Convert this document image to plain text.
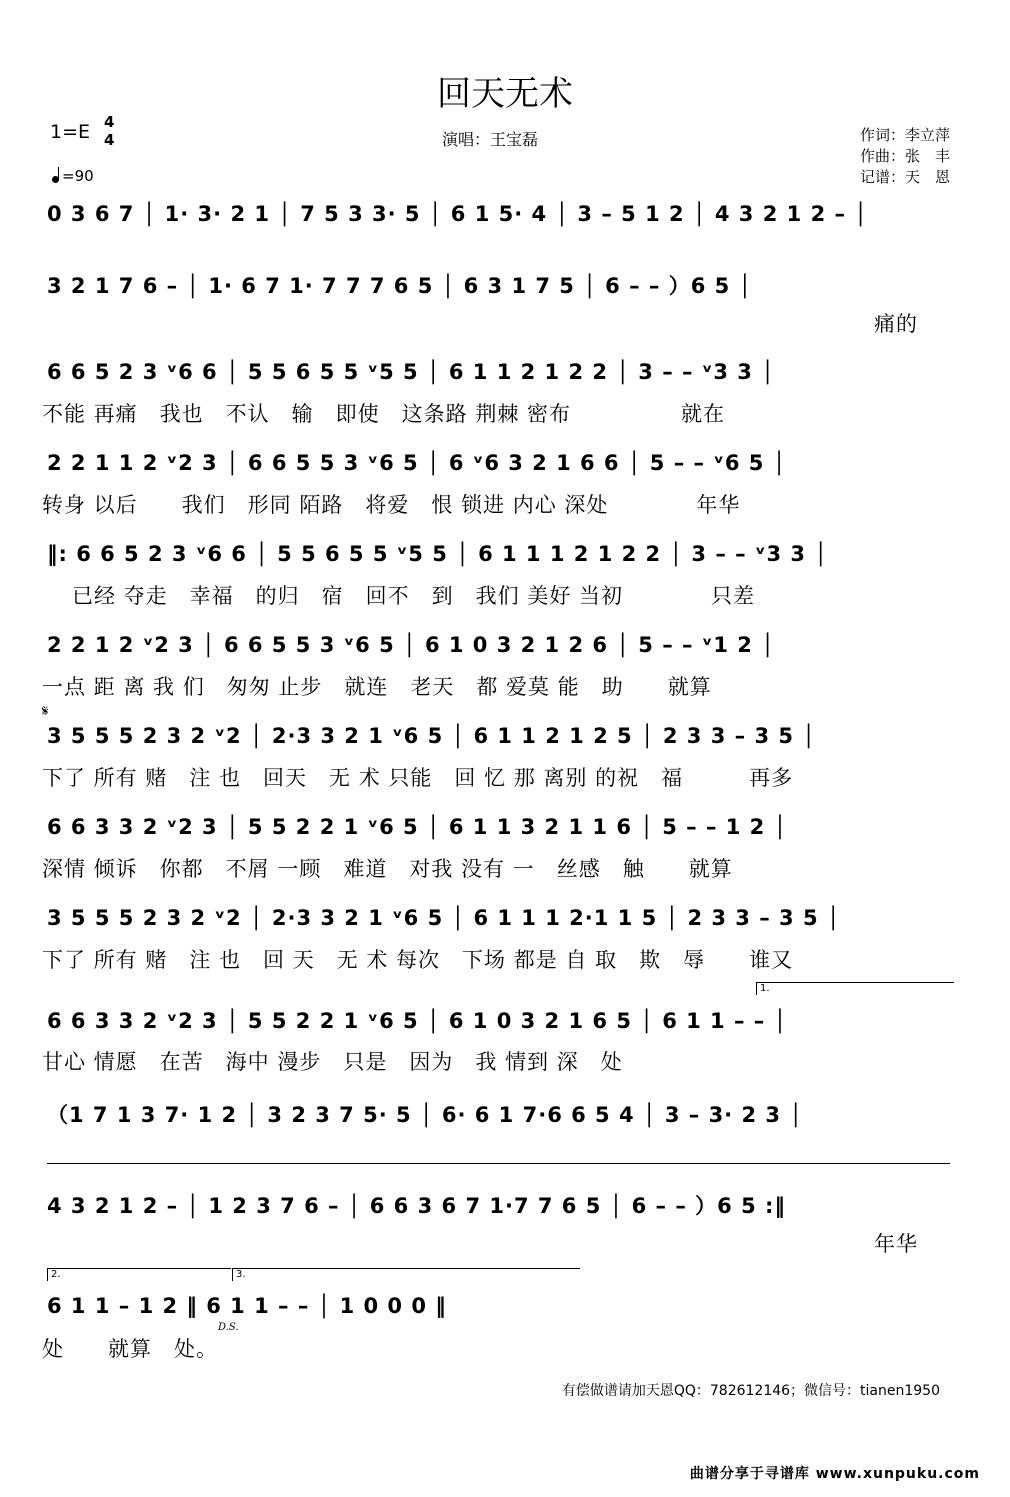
回天无术
1=E 4
4
=90
演唱：王宝磊	作词：李立萍
作曲：张　丰
记谱：天　恩
0 3 6 7 │ 1· 3· 2 1 │ 7 5 3 3· 5 │ 6 1 5· 4 │ 3 – 5 1 2 │ 4 3 2 1 2 – │
3 2 1 7 6 – │ 1· 6 7 1· 7 7 7 6 5 │ 6 3 1 7 5 │ 6 – – ）6 5 │
6 6 5 2 3 ᵛ6 6 │ 5 5 6 5 5 ᵛ5 5 │ 6 1 1 2 1 2 2 │ 3 – – ᵛ3 3 │
2 2 1 1 2 ᵛ2 3 │ 6 6 5 5 3 ᵛ6 5 │ 6 ᵛ6 3 2 1 6 6 │ 5 – – ᵛ6 5 │
‖: 6 6 5 2 3 ᵛ6 6 │ 5 5 6 5 5 ᵛ5 5 │ 6 1 1 1 2 1 2 2 │ 3 – – ᵛ3 3 │
2 2 1 2 ᵛ2 3 │ 6 6 5 5 3 ᵛ6 5 │ 6 1 0 3 2 1 2 6 │ 5 – – ᵛ1 2 │
3 5 5 5 2 3 2 ᵛ2 │ 2·3 3 2 1 ᵛ6 5 │ 6 1 1 2 1 2 5 │ 2 3 3 – 3 5 │
6 6 3 3 2 ᵛ2 3 │ 5 5 2 2 1 ᵛ6 5 │ 6 1 1 3 2 1 1 6 │ 5 – – 1 2 │
3 5 5 5 2 3 2 ᵛ2 │ 2·3 3 2 1 ᵛ6 5 │ 6 1 1 1 2·1 1 5 │ 2 3 3 – 3 5 │
6 6 3 3 2 ᵛ2 3 │ 5 5 2 2 1 ᵛ6 5 │ 6 1 0 3 2 1 6 5 │ 6 1 1 – – │
（1 7 1 3 7· 1 2 │ 3 2 3 7 5· 5 │ 6· 6 1 7·6 6 5 4 │ 3 – 3· 2 3 │
4 3 2 1 2 – │ 1 2 3 7 6 – │ 6 6 3 6 7 1·7 7 6 5 │ 6 – – ）6 5 :‖
6 1 1 – 1 2 ‖ 6 1 1 – – │ 1 0 0 0 ‖
痛的
不能 再痛　我也　不认　输　即使　这条路 荆棘 密布　　　　　就在
转身 以后　　我们　形同 陌路　将爱　恨 锁进 内心 深处　　　　年华
已经 夺走　幸福　的归　宿　回不　到　我们 美好 当初　　　　只差
一点 距 离 我 们　匆匆 止步　就连　老天　都 爱莫 能　助　　就算
下了 所有 赌　注 也　回天　无 术 只能　回 忆 那 离别 的祝　福　　　再多
深情 倾诉　你都　不屑 一顾　难道　对我 没有 一　丝感　触　　就算
下了 所有 赌　注 也　回 天　无 术 每次　下场 都是 自 取　欺　辱　　谁又
甘心 情愿　在苦　海中 漫步　只是　因为　我 情到 深　处
年华
处　　就算　处。
𝄋
1.
2.	3.
D.S.
有偿做谱请加天恩QQ：782612146；微信号：tianen1950
曲谱分享于寻谱库 www.xunpuku.com
